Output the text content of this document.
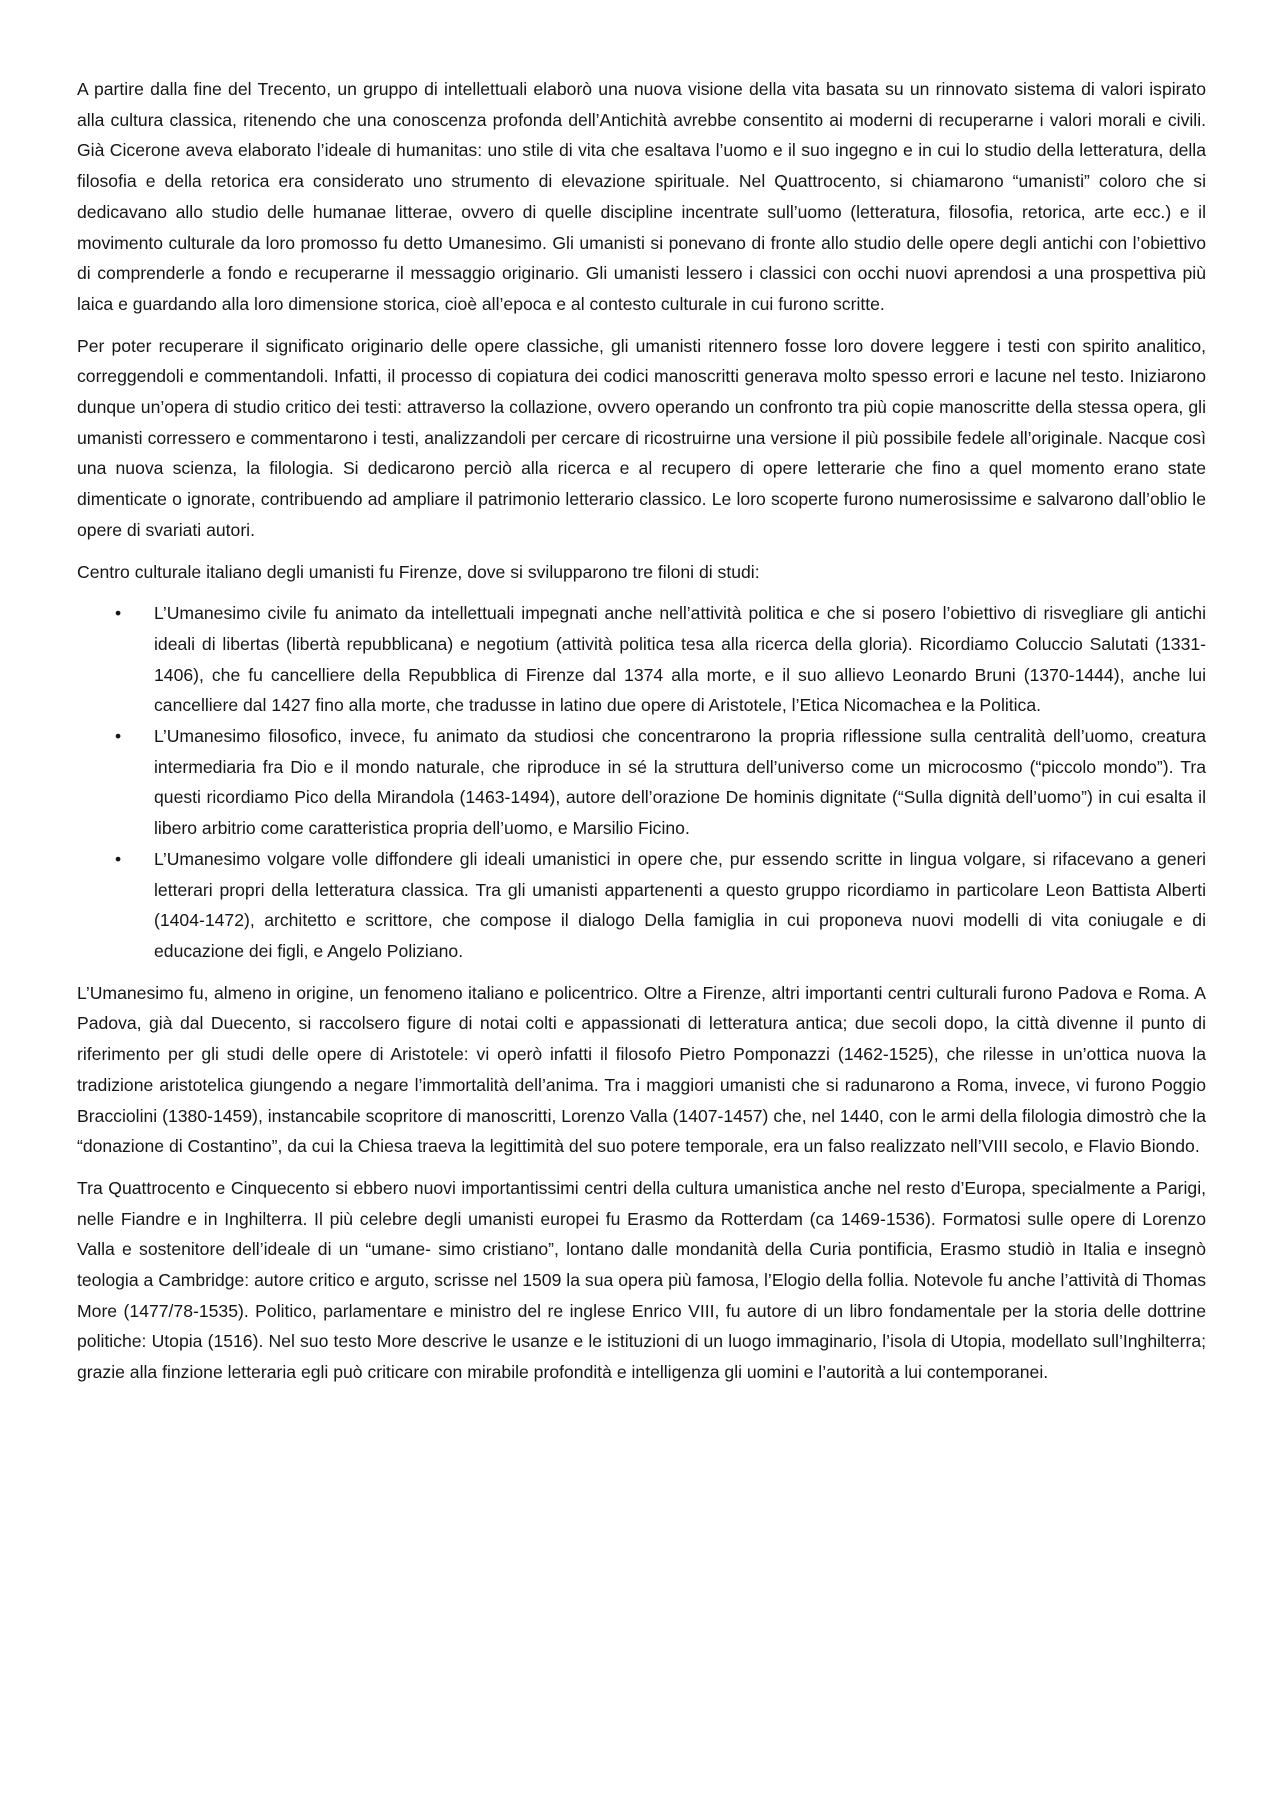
A partire dalla fine del Trecento, un gruppo di intellettuali elaborò una nuova visione della vita basata su un rinnovato sistema di valori ispirato alla cultura classica, ritenendo che una conoscenza profonda dell’Antichità avrebbe consentito ai moderni di recuperarne i valori morali e civili. Già Cicerone aveva elaborato l’ideale di humanitas: uno stile di vita che esaltava l’uomo e il suo ingegno e in cui lo studio della letteratura, della filosofia e della retorica era considerato uno strumento di elevazione spirituale. Nel Quattrocento, si chiamarono “umanisti” coloro che si dedicavano allo studio delle humanae litterae, ovvero di quelle discipline incentrate sull’uomo (letteratura, filosofia, retorica, arte ecc.) e il movimento culturale da loro promosso fu detto Umanesimo. Gli umanisti si ponevano di fronte allo studio delle opere degli antichi con l’obiettivo di comprenderle a fondo e recuperarne il messaggio originario. Gli umanisti lessero i classici con occhi nuovi aprendosi a una prospettiva più laica e guardando alla loro dimensione storica, cioè all’epoca e al contesto culturale in cui furono scritte.

Per poter recuperare il significato originario delle opere classiche, gli umanisti ritennero fosse loro dovere leggere i testi con spirito analitico, correggendoli e commentandoli. Infatti, il processo di copiatura dei codici manoscritti generava molto spesso errori e lacune nel testo. Iniziarono dunque un’opera di studio critico dei testi: attraverso la collazione, ovvero operando un confronto tra più copie manoscritte della stessa opera, gli umanisti corressero e commentarono i testi, analizzandoli per cercare di ricostruirne una versione il più possibile fedele all’originale. Nacque così una nuova scienza, la filologia. Si dedicarono perciò alla ricerca e al recupero di opere letterarie che fino a quel momento erano state dimenticate o ignorate, contribuendo ad ampliare il patrimonio letterario classico. Le loro scoperte furono numerosissime e salvarono dall’oblio le opere di svariati autori.

Centro culturale italiano degli umanisti fu Firenze, dove si svilupparono tre filoni di studi:

• L’Umanesimo civile fu animato da intellettuali impegnati anche nell’attività politica e che si posero l’obiettivo di risvegliare gli antichi ideali di libertas (libertà repubblicana) e negotium (attività politica tesa alla ricerca della gloria). Ricordiamo Coluccio Salutati (1331-1406), che fu cancelliere della Repubblica di Firenze dal 1374 alla morte, e il suo allievo Leonardo Bruni (1370-1444), anche lui cancelliere dal 1427 fino alla morte, che tradusse in latino due opere di Aristotele, l’Etica Nicomachea e la Politica.
• L’Umanesimo filosofico, invece, fu animato da studiosi che concentrarono la propria riflessione sulla centralità dell’uomo, creatura intermediaria fra Dio e il mondo naturale, che riproduce in sé la struttura dell’universo come un microcosmo (“piccolo mondo”). Tra questi ricordiamo Pico della Mirandola (1463-1494), autore dell’orazione De hominis dignitate (“Sulla dignità dell’uomo”) in cui esalta il libero arbitrio come caratteristica propria dell’uomo, e Marsilio Ficino.
• L’Umanesimo volgare volle diffondere gli ideali umanistici in opere che, pur essendo scritte in lingua volgare, si rifacevano a generi letterari propri della letteratura classica. Tra gli umanisti appartenenti a questo gruppo ricordiamo in particolare Leon Battista Alberti (1404-1472), architetto e scrittore, che compose il dialogo Della famiglia in cui proponeva nuovi modelli di vita coniugale e di educazione dei figli, e Angelo Poliziano.

L’Umanesimo fu, almeno in origine, un fenomeno italiano e policentrico. Oltre a Firenze, altri importanti centri culturali furono Padova e Roma. A Padova, già dal Duecento, si raccolsero figure di notai colti e appassionati di letteratura antica; due secoli dopo, la città divenne il punto di riferimento per gli studi delle opere di Aristotele: vi operò infatti il filosofo Pietro Pomponazzi (1462-1525), che rilesse in un’ottica nuova la tradizione aristotelica giungendo a negare l’immortalità dell’anima. Tra i maggiori umanisti che si radunarono a Roma, invece, vi furono Poggio Bracciolini (1380-1459), instancabile scopritore di manoscritti, Lorenzo Valla (1407-1457) che, nel 1440, con le armi della filologia dimostrò che la “donazione di Costantino”, da cui la Chiesa traeva la legittimità del suo potere temporale, era un falso realizzato nell’VIII secolo, e Flavio Biondo.

Tra Quattrocento e Cinquecento si ebbero nuovi importantissimi centri della cultura umanistica anche nel resto d’Europa, specialmente a Parigi, nelle Fiandre e in Inghilterra. Il più celebre degli umanisti europei fu Erasmo da Rotterdam (ca 1469-1536). Formatosi sulle opere di Lorenzo Valla e sostenitore dell’ideale di un “umane- simo cristiano”, lontano dalle mondanità della Curia pontificia, Erasmo studiò in Italia e insegnò teologia a Cambridge: autore critico e arguto, scrisse nel 1509 la sua opera più famosa, l’Elogio della follia. Notevole fu anche l’attività di Thomas More (1477/78-1535). Politico, parlamentare e ministro del re inglese Enrico VIII, fu autore di un libro fondamentale per la storia delle dottrine politiche: Utopia (1516). Nel suo testo More descrive le usanze e le istituzioni di un luogo immaginario, l’isola di Utopia, modellato sull’Inghilterra; grazie alla finzione letteraria egli può criticare con mirabile profondità e intelligenza gli uomini e l’autorità a lui contemporanei.
